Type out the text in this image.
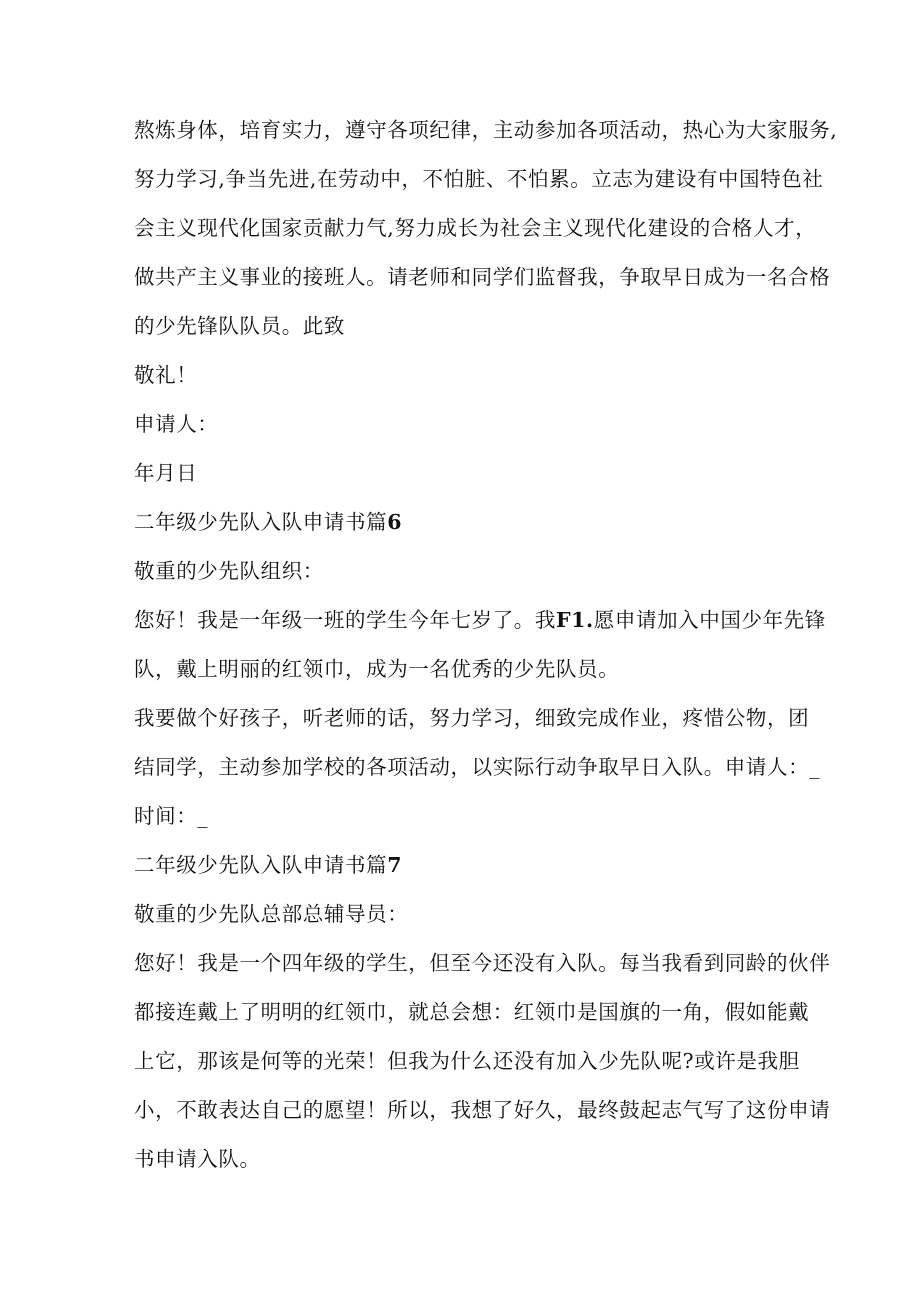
熬炼身体，培育实力，遵守各项纪律，主动参加各项活动，热心为大家服务,
努力学习,争当先进,在劳动中，不怕脏、不怕累。立志为建设有中国特色社
会主义现代化国家贡献力气,努力成长为社会主义现代化建设的合格人才，
做共产主义事业的接班人。请老师和同学们监督我，争取早日成为一名合格
的少先锋队队员。此致
敬礼！
申请人：
年月日
二年级少先队入队申请书篇6
敬重的少先队组织：
您好！我是一年级一班的学生今年七岁了。我F1.愿申请加入中国少年先锋
队，戴上明丽的红领巾，成为一名优秀的少先队员。
我要做个好孩子，听老师的话，努力学习，细致完成作业，疼惜公物，团
结同学，主动参加学校的各项活动，以实际行动争取早日入队。申请人：_
时间：_
二年级少先队入队申请书篇7
敬重的少先队总部总辅导员：
您好！我是一个四年级的学生，但至今还没有入队。每当我看到同龄的伙伴
都接连戴上了明明的红领巾，就总会想：红领巾是国旗的一角，假如能戴
上它，那该是何等的光荣！但我为什么还没有加入少先队呢?或许是我胆
小，不敢表达自己的愿望！所以，我想了好久，最终鼓起志气写了这份申请
书申请入队。
